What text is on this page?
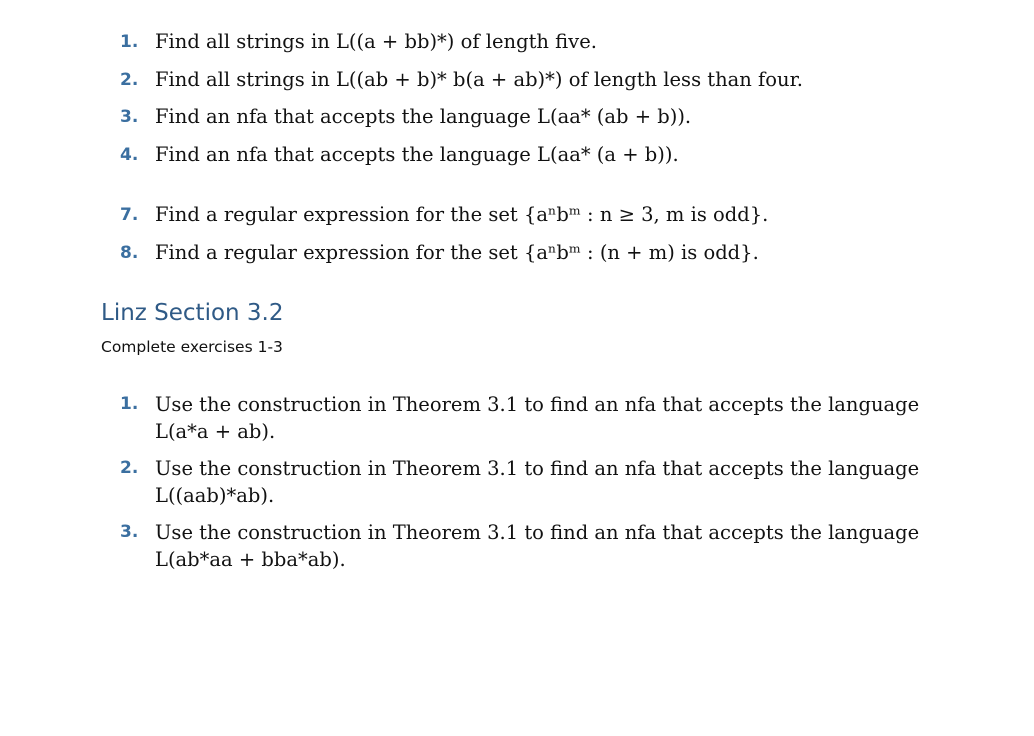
1. Find all strings in L((a + bb)*) of length five.
2. Find all strings in L((ab + b)* b(a + ab)*) of length less than four.
3. Find an nfa that accepts the language L(aa* (ab + b)).
4. Find an nfa that accepts the language L(aa* (a + b)).
7. Find a regular expression for the set {aⁿbᵐ : n ≥ 3, m is odd}.
8. Find a regular expression for the set {aⁿbᵐ : (n + m) is odd}.
Linz Section 3.2

Complete exercises 1-3

1. Use the construction in Theorem 3.1 to find an nfa that accepts the language
L(a*a + ab).
2. Use the construction in Theorem 3.1 to find an nfa that accepts the language
L((aab)*ab).
3. Use the construction in Theorem 3.1 to find an nfa that accepts the language
L(ab*aa + bba*ab).
